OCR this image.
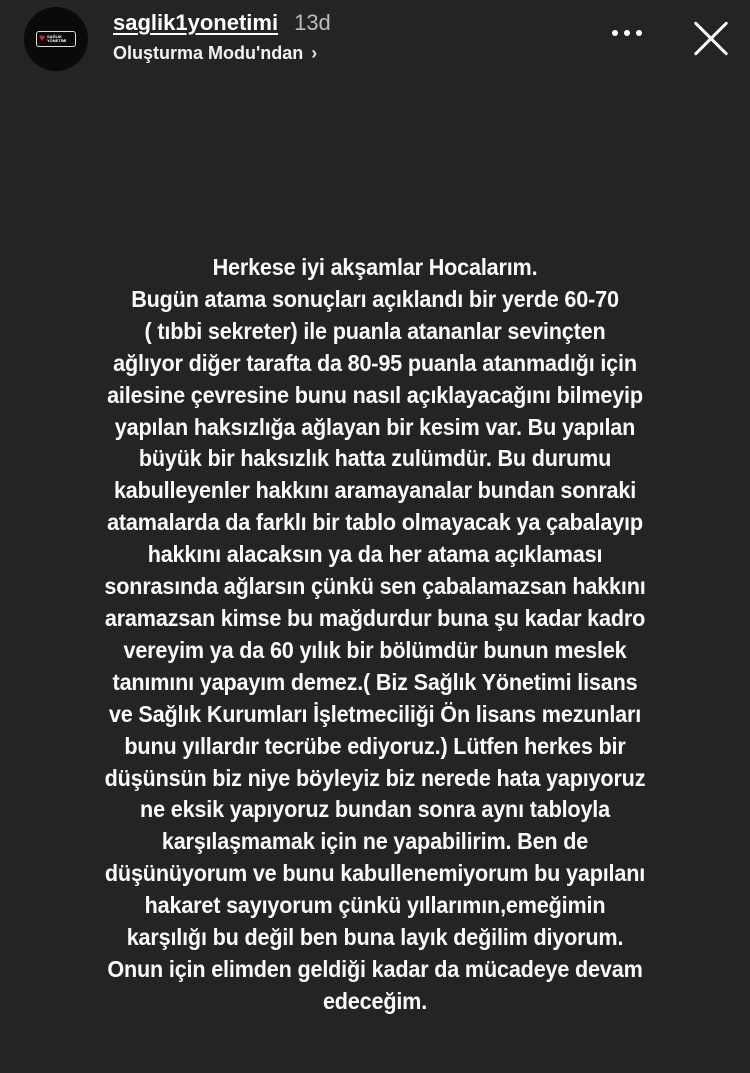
♥ SAĞLIK YÖNETİMİ
saglik1yonetimi 13d
Oluşturma Modu'ndan ›
Herkese iyi akşamlar Hocalarım.
Bugün atama sonuçları açıklandı bir yerde 60-70
( tıbbi sekreter) ile puanla atananlar sevinçten
ağlıyor diğer tarafta da 80-95 puanla atanmadığı için
ailesine çevresine bunu nasıl açıklayacağını bilmeyip
yapılan haksızlığa ağlayan bir kesim var. Bu yapılan
büyük bir haksızlık hatta zulümdür. Bu durumu
kabulleyenler hakkını aramayanalar bundan sonraki
atamalarda da farklı bir tablo olmayacak ya çabalayıp
hakkını alacaksın ya da her atama açıklaması
sonrasında ağlarsın çünkü sen çabalamazsan hakkını
aramazsan kimse bu mağdurdur buna şu kadar kadro
vereyim ya da 60 yılık bir bölümdür bunun meslek
tanımını yapayım demez.( Biz Sağlık Yönetimi lisans
ve Sağlık Kurumları İşletmeciliği Ön lisans mezunları
bunu yıllardır tecrübe ediyoruz.) Lütfen herkes bir
düşünsün biz niye böyleyiz biz nerede hata yapıyoruz
ne eksik yapıyoruz bundan sonra aynı tabloyla
karşılaşmamak için ne yapabilirim. Ben de
düşünüyorum ve bunu kabullenemiyorum bu yapılanı
hakaret sayıyorum çünkü yıllarımın,emeğimin
karşılığı bu değil ben buna layık değilim diyorum.
Onun için elimden geldiği kadar da mücadeye devam
edeceğim.
